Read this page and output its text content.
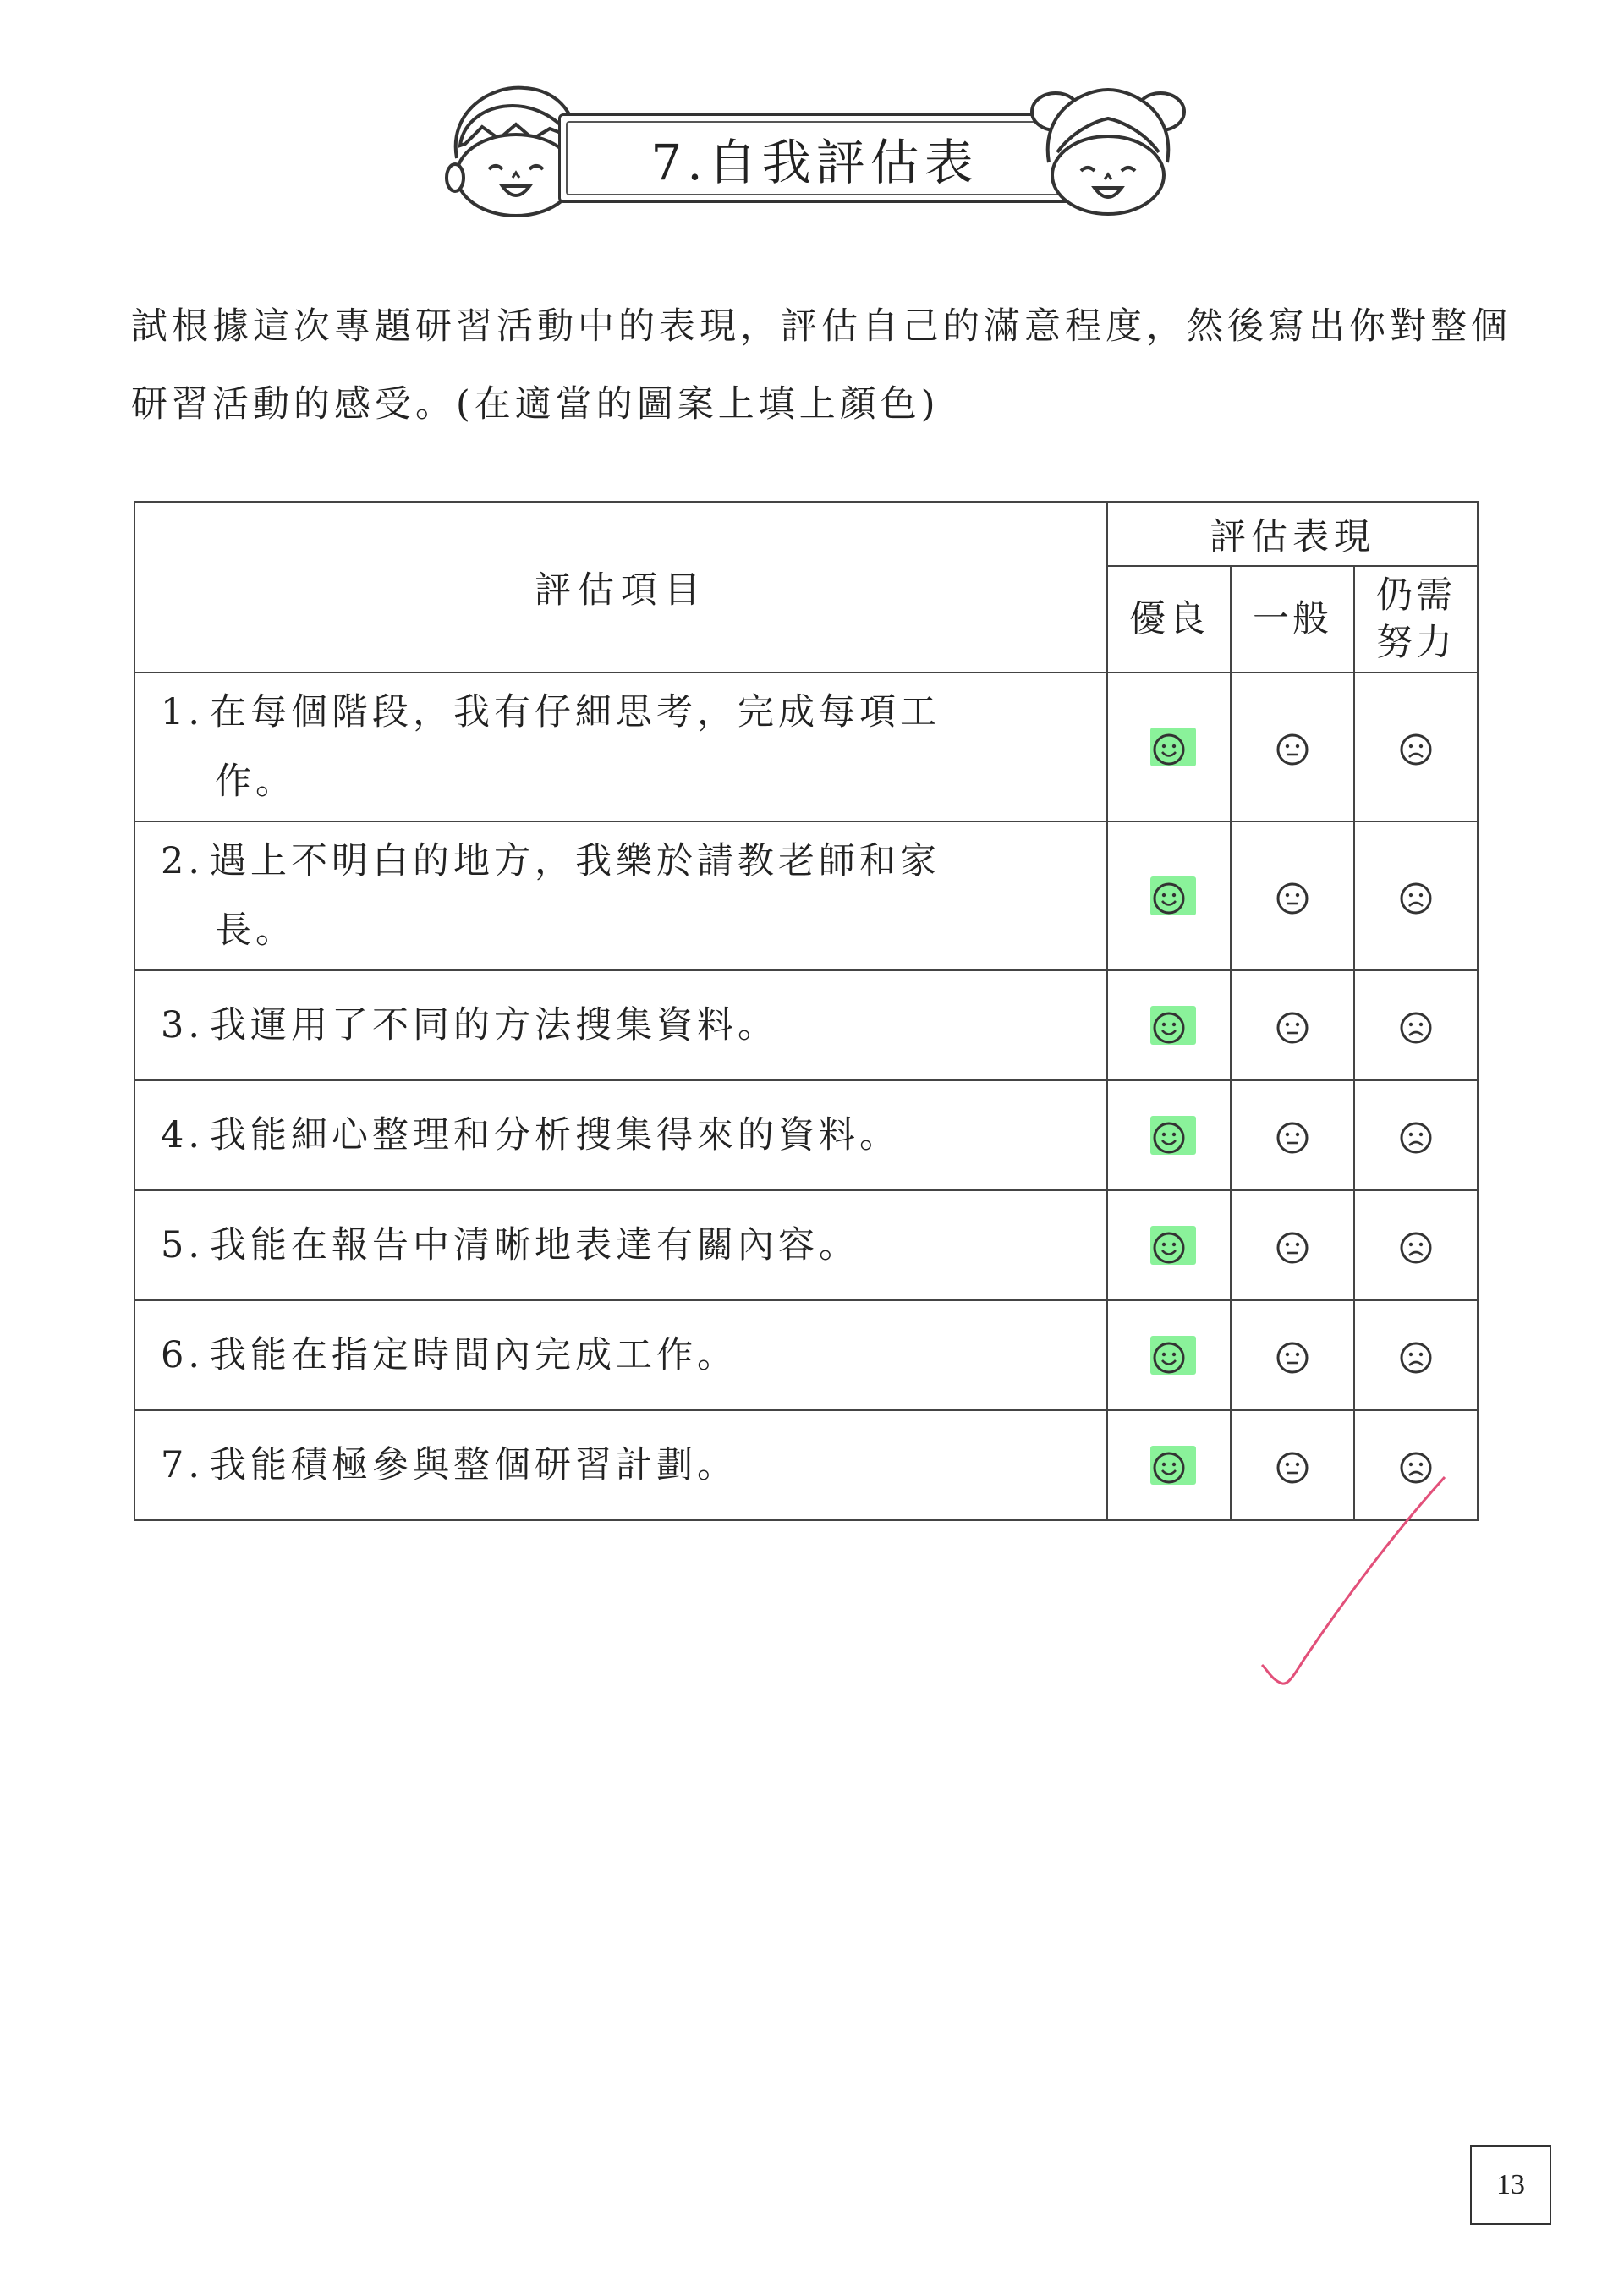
7.自我評估表
試根據這次專題研習活動中的表現，評估自己的滿意程度，然後寫出你對整個研習活動的感受。(在適當的圖案上填上顏色)
評估項目	評估表現		
	優良	一般	仍需
努力
1. 在每個階段，我有仔細思考，完成每項工
作。

2. 遇上不明白的地方，我樂於請教老師和家
長。

3. 我運用了不同的方法搜集資料。	

4. 我能細心整理和分析搜集得來的資料。	

5. 我能在報告中清晰地表達有關內容。	

6. 我能在指定時間內完成工作。	

7. 我能積極參與整個研習計劃。	

13
